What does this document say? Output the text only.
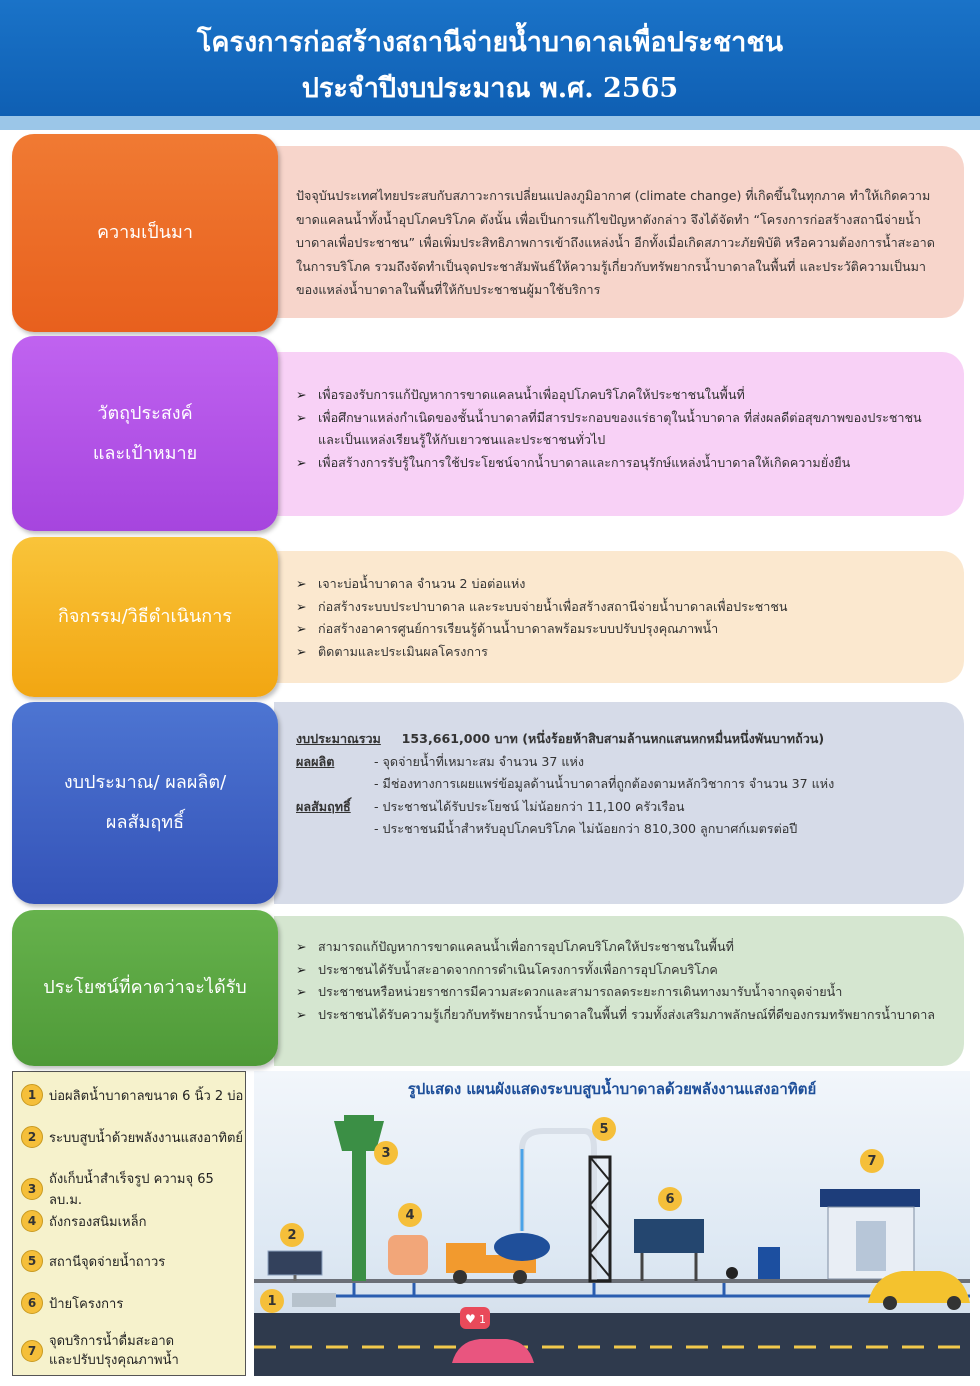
โครงการก่อสร้างสถานีจ่ายน้ำบาดาลเพื่อประชาชน
ประจำปีงบประมาณ พ.ศ. 2565
ความเป็นมา
ปัจจุบันประเทศไทยประสบกับสภาวะการเปลี่ยนแปลงภูมิอากาศ (climate change) ที่เกิดขึ้นในทุกภาค ทำให้เกิดความขาดแคลนน้ำทั้งน้ำอุปโภคบริโภค ดังนั้น เพื่อเป็นการแก้ไขปัญหาดังกล่าว จึงได้จัดทำ “โครงการก่อสร้างสถานีจ่ายน้ำบาดาลเพื่อประชาชน” เพื่อเพิ่มประสิทธิภาพการเข้าถึงแหล่งน้ำ อีกทั้งเมื่อเกิดสภาวะภัยพิบัติ หรือความต้องการน้ำสะอาดในการบริโภค รวมถึงจัดทำเป็นจุดประชาสัมพันธ์ให้ความรู้เกี่ยวกับทรัพยากรน้ำบาดาลในพื้นที่ และประวัติความเป็นมาของแหล่งน้ำบาดาลในพื้นที่ให้กับประชาชนผู้มาใช้บริการ
วัตถุประสงค์
และเป้าหมาย
➢ เพื่อรองรับการแก้ปัญหาการขาดแคลนน้ำเพื่ออุปโภคบริโภคให้ประชาชนในพื้นที่
➢ เพื่อศึกษาแหล่งกำเนิดของชั้นน้ำบาดาลที่มีสารประกอบของแร่ธาตุในน้ำบาดาล ที่ส่งผลดีต่อสุขภาพของประชาชน และเป็นแหล่งเรียนรู้ให้กับเยาวชนและประชาชนทั่วไป
➢ เพื่อสร้างการรับรู้ในการใช้ประโยชน์จากน้ำบาดาลและการอนุรักษ์แหล่งน้ำบาดาลให้เกิดความยั่งยืน
กิจกรรม/วิธีดำเนินการ
➢ เจาะบ่อน้ำบาดาล จำนวน 2 บ่อต่อแห่ง
➢ ก่อสร้างระบบประปาบาดาล และระบบจ่ายน้ำเพื่อสร้างสถานีจ่ายน้ำบาดาลเพื่อประชาชน
➢ ก่อสร้างอาคารศูนย์การเรียนรู้ด้านน้ำบาดาลพร้อมระบบปรับปรุงคุณภาพน้ำ
➢ ติดตามและประเมินผลโครงการ
งบประมาณ/ ผลผลิต/
ผลสัมฤทธิ์
งบประมาณรวม 153,661,000 บาท (หนึ่งร้อยห้าสิบสามล้านหกแสนหกหมื่นหนึ่งพันบาทถ้วน)
ผลผลิต	- จุดจ่ายน้ำที่เหมาะสม จำนวน 37 แห่ง
- มีช่องทางการเผยแพร่ข้อมูลด้านน้ำบาดาลที่ถูกต้องตามหลักวิชาการ จำนวน 37 แห่ง
ผลสัมฤทธิ์	- ประชาชนได้รับประโยชน์ ไม่น้อยกว่า 11,100 ครัวเรือน
- ประชาชนมีน้ำสำหรับอุปโภคบริโภค ไม่น้อยกว่า 810,300 ลูกบาศก์เมตรต่อปี
ประโยชน์ที่คาดว่าจะได้รับ
➢ สามารถแก้ปัญหาการขาดแคลนน้ำเพื่อการอุปโภคบริโภคให้ประชาชนในพื้นที่
➢ ประชาชนได้รับน้ำสะอาดจากการดำเนินโครงการทั้งเพื่อการอุปโภคบริโภค
➢ ประชาชนหรือหน่วยราชการมีความสะดวกและสามารถลดระยะการเดินทางมารับน้ำจากจุดจ่ายน้ำ
➢ ประชาชนได้รับความรู้เกี่ยวกับทรัพยากรน้ำบาดาลในพื้นที่ รวมทั้งส่งเสริมภาพลักษณ์ที่ดีของกรมทรัพยากรน้ำบาดาล
1 บ่อผลิตน้ำบาดาลขนาด 6 นิ้ว 2 บ่อ
2 ระบบสูบน้ำด้วยพลังงานแสงอาทิตย์
3
ถังเก็บน้ำสำเร็จรูป ความจุ 65 ลบ.ม.
4 ถังกรองสนิมเหล็ก
5 สถานีจุดจ่ายน้ำถาวร
6 ป้ายโครงการ
7
จุดบริการน้ำดื่มสะอาด
และปรับปรุงคุณภาพน้ำ
รูปแสดง แผนผังแสดงระบบสูบน้ำบาดาลด้วยพลังงานแสงอาทิตย์
♥ 1
1
2
3
4
5
6
7
